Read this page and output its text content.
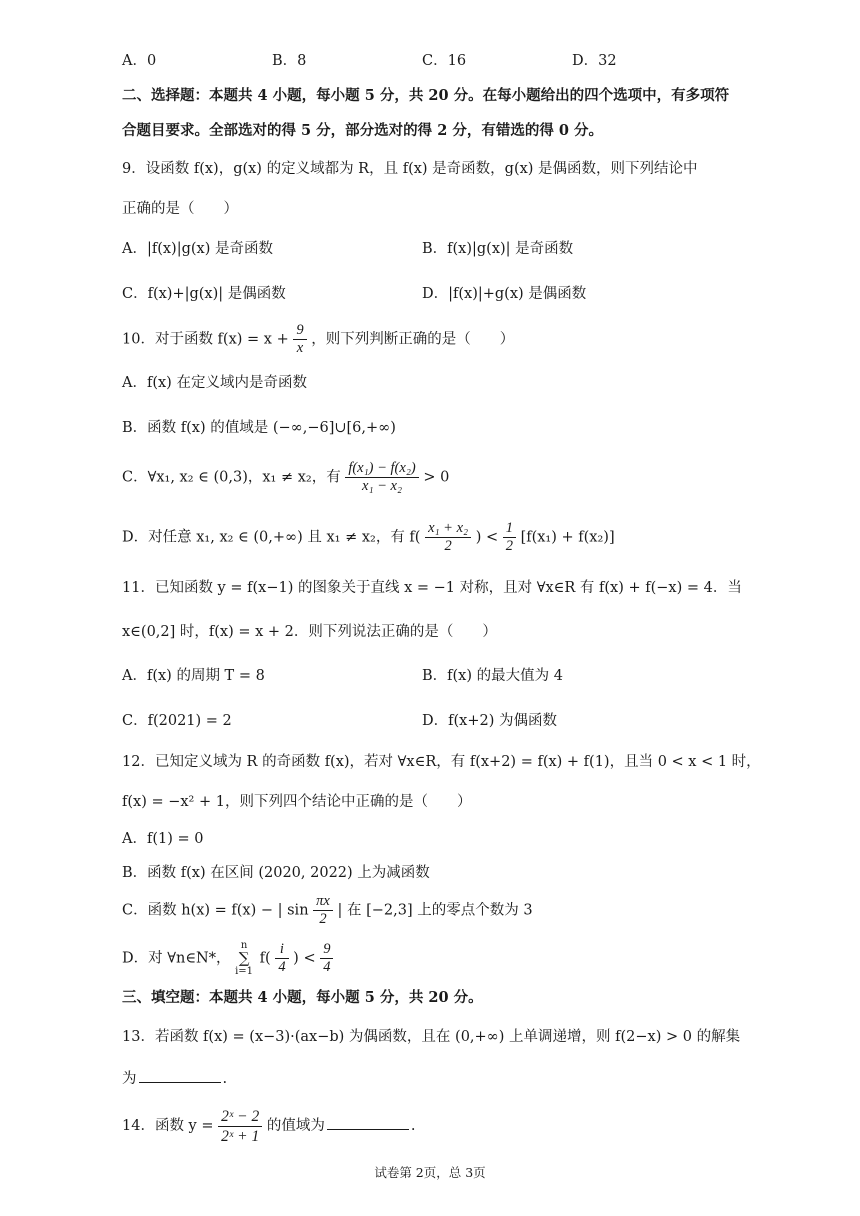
A．0	B．8	C．16	D．32
二、选择题：本题共 4 小题，每小题 5 分，共 20 分。在每小题给出的四个选项中，有多项符
合题目要求。全部选对的得 5 分，部分选对的得 2 分，有错选的得 0 分。
9．设函数 f(x)，g(x) 的定义域都为 R，且 f(x) 是奇函数，g(x) 是偶函数，则下列结论中
正确的是（　　）
A．|f(x)|g(x) 是奇函数	B．f(x)|g(x)| 是奇函数
C．f(x)+|g(x)| 是偶函数	D．|f(x)|+g(x) 是偶函数
10．对于函数 $f(x) = x + \frac{9}{x}$ ，则下列判断正确的是（　　）
A．f(x) 在定义域内是奇函数
B．函数 f(x) 的值域是 (−∞,−6]∪[6,+∞)
C．∀x₁, x₂ ∈ (0,3)，x₁ ≠ x₂，有 $\frac{\text{f(x₁) − f(x₂)}}{\text{x₁ − x₂}} > 0$
D．对任意 x₁, x₂ ∈ (0,+∞) 且 x₁ ≠ x₂，有 $f( \frac{\text{x₁ + x₂}}{2}$ ) < $\frac{1}{2} [f(x_1) + f(x_2)]$
11．已知函数 y = f(x−1) 的图象关于直线 x = −1 对称，且对 ∀x∈R 有 f(x) + f(−x) = 4．当
x∈(0,2] 时，f(x) = x + 2．则下列说法正确的是（　　）
A．f(x) 的周期 T = 8	B．f(x) 的最大值为 4
C．f(2021) = 2	D．f(x+2) 为偶函数
12．已知定义域为 R 的奇函数 f(x)，若对 ∀x∈R，有 f(x+2) = f(x) + f(1)，且当 0 < x < 1 时，
f(x) = −x² + 1，则下列四个结论中正确的是（　　）
A．f(1) = 0
B．函数 f(x) 在区间 (2020, 2022) 上为减函数
C．函数 h(x) = f(x) − | $\sin \frac{\pi x}{2}$ | 在 [−2,3] 上的零点个数为 3
D．对 ∀n∈N*，
n
∑
i=1
$f( \frac{i}{4}$ ) < $\frac{9}{4}$
三、填空题：本题共 4 小题，每小题 5 分，共 20 分。
13．若函数 f(x) = (x−3)·(ax−b) 为偶函数，且在 (0,+∞) 上单调递增，则 f(2−x) > 0 的解集
为	.
14．函数 $y = \frac{\text{2ˣ − 2}}{\text{2ˣ + 1}}$ 的值域为	.
试卷第 2页，总 3页
